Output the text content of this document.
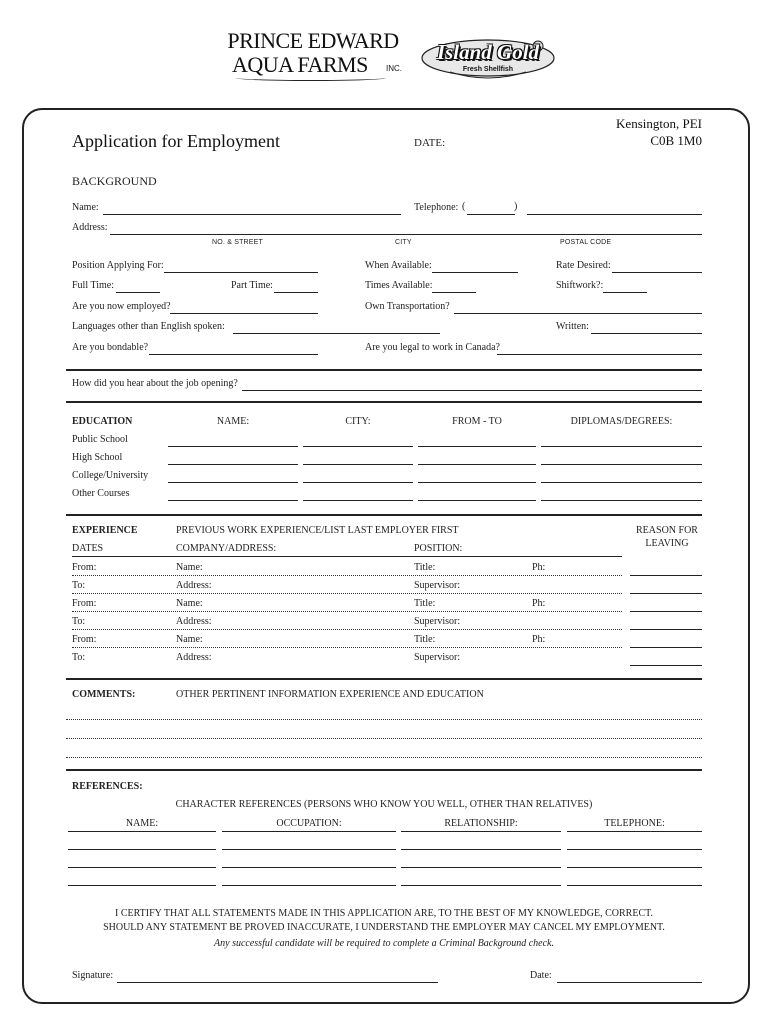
PRINCE EDWARD
AQUA FARMS INC.
Island Gold
Fresh Shellfish
Application for Employment	DATE:
Kensington, PEI
C0B 1M0
BACKGROUND
Name:	Telephone: (	)
Address:
NO. & STREET	CITY	POSTAL CODE
Position Applying For:	When Available:	Rate Desired:
Full Time:	Part Time:	Times Available:	Shiftwork?:
Are you now employed?	Own Transportation?
Languages other than English spoken:	Written:
Are you bondable?	Are you legal to work in Canada?
How did you hear about the job opening?
EDUCATION	NAME:	CITY:	FROM - TO	DIPLOMAS/DEGREES:
Public School
High School
College/University
Other Courses
EXPERIENCE	PREVIOUS WORK EXPERIENCE/LIST LAST EMPLOYER FIRST	REASON FOR
LEAVING
DATES	COMPANY/ADDRESS:	POSITION:
From:	Name:	Title:	Ph:
To:	Address:	Supervisor:
From:	Name:	Title:	Ph:
To:	Address:	Supervisor:
From:	Name:	Title:	Ph:
To:	Address:	Supervisor:
COMMENTS:	OTHER PERTINENT INFORMATION EXPERIENCE AND EDUCATION
REFERENCES:
CHARACTER REFERENCES (PERSONS WHO KNOW YOU WELL, OTHER THAN RELATIVES)
NAME:	OCCUPATION:	RELATIONSHIP:	TELEPHONE:
I CERTIFY THAT ALL STATEMENTS MADE IN THIS APPLICATION ARE, TO THE BEST OF MY KNOWLEDGE, CORRECT.
SHOULD ANY STATEMENT BE PROVED INACCURATE, I UNDERSTAND THE EMPLOYER MAY CANCEL MY EMPLOYMENT.
Any successful candidate will be required to complete a Criminal Background check.
Signature:	Date:
